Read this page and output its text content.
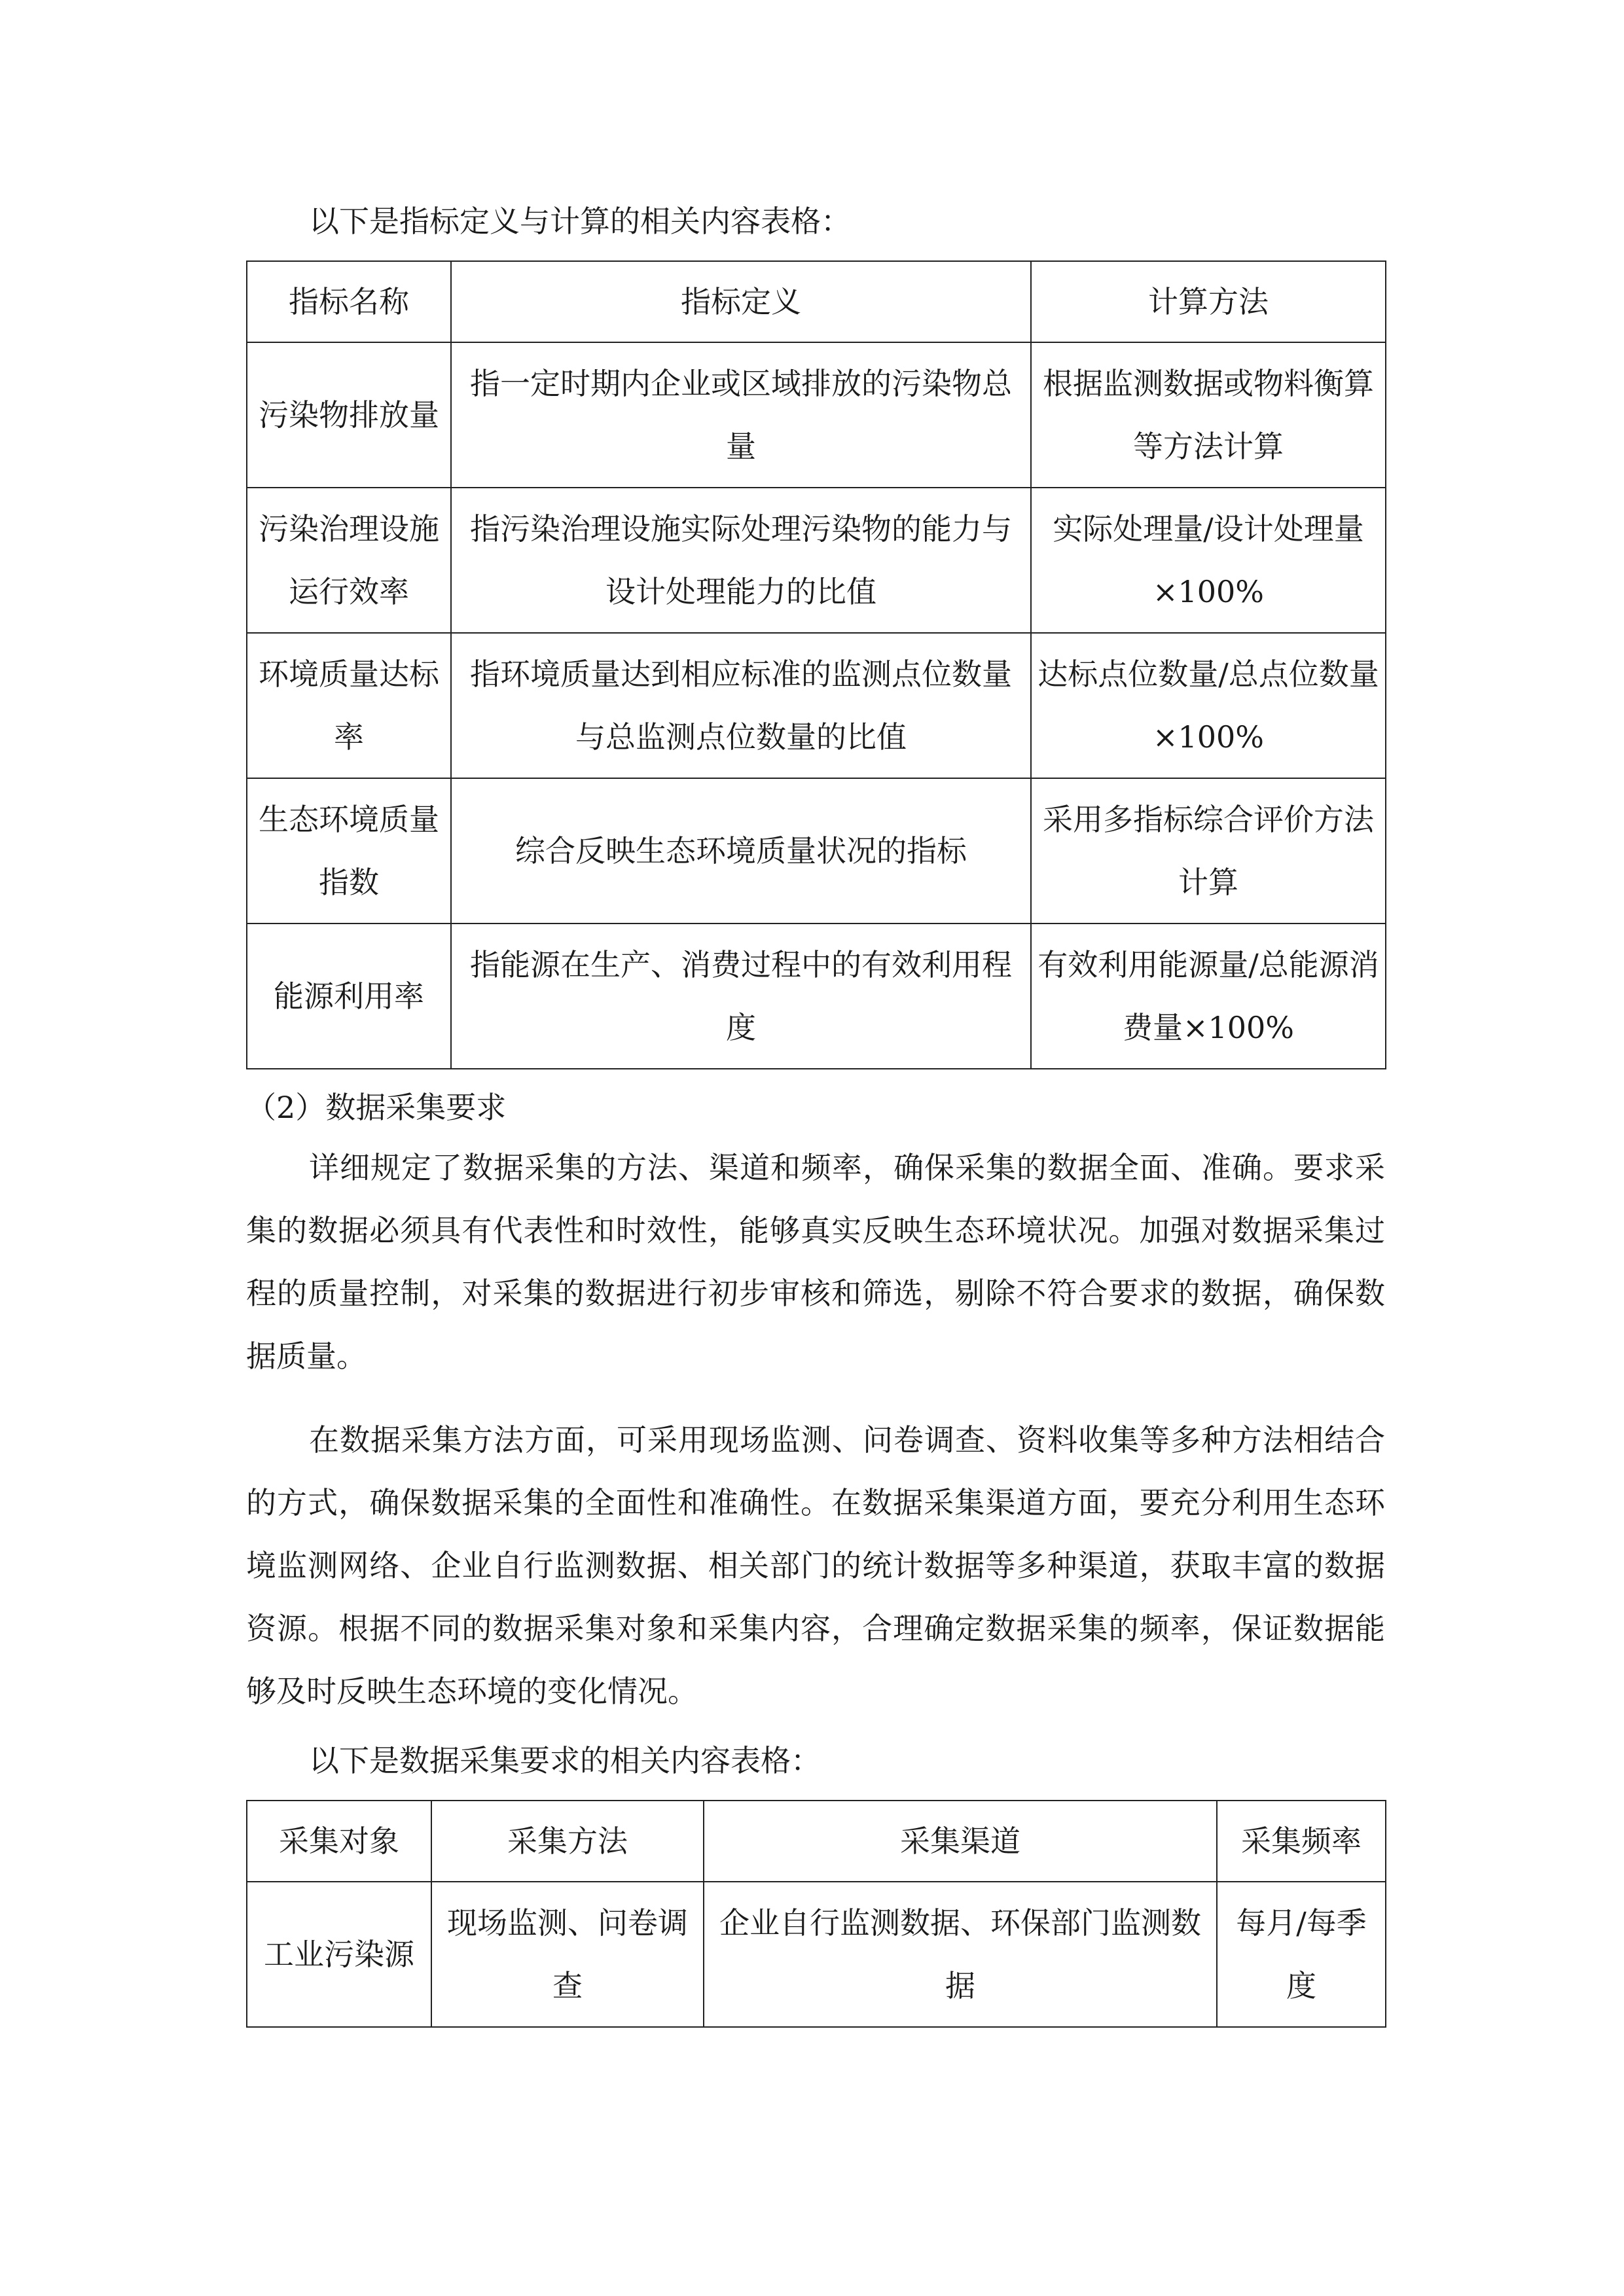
以下是指标定义与计算的相关内容表格：
指标名称	指标定义	计算方法
污染物排放量	指一定时期内企业或区域排放的污染物总量	根据监测数据或物料衡算等方法计算
污染治理设施运行效率	指污染治理设施实际处理污染物的能力与设计处理能力的比值	实际处理量/设计处理量×100%
环境质量达标率	指环境质量达到相应标准的监测点位数量与总监测点位数量的比值	达标点位数量/总点位数量×100%
生态环境质量指数	综合反映生态环境质量状况的指标	采用多指标综合评价方法计算
能源利用率	指能源在生产、消费过程中的有效利用程度	有效利用能源量/总能源消费量×100%
（2）数据采集要求
详细规定了数据采集的方法、渠道和频率，确保采集的数据全面、准确。要求采集的数据必须具有代表性和时效性，能够真实反映生态环境状况。加强对数据采集过程的质量控制，对采集的数据进行初步审核和筛选，剔除不符合要求的数据，确保数据质量。
在数据采集方法方面，可采用现场监测、问卷调查、资料收集等多种方法相结合的方式，确保数据采集的全面性和准确性。在数据采集渠道方面，要充分利用生态环境监测网络、企业自行监测数据、相关部门的统计数据等多种渠道，获取丰富的数据资源。根据不同的数据采集对象和采集内容，合理确定数据采集的频率，保证数据能够及时反映生态环境的变化情况。
以下是数据采集要求的相关内容表格：
采集对象	采集方法	采集渠道	采集频率
工业污染源	现场监测、问卷调查	企业自行监测数据、环保部门监测数据	每月/每季度
